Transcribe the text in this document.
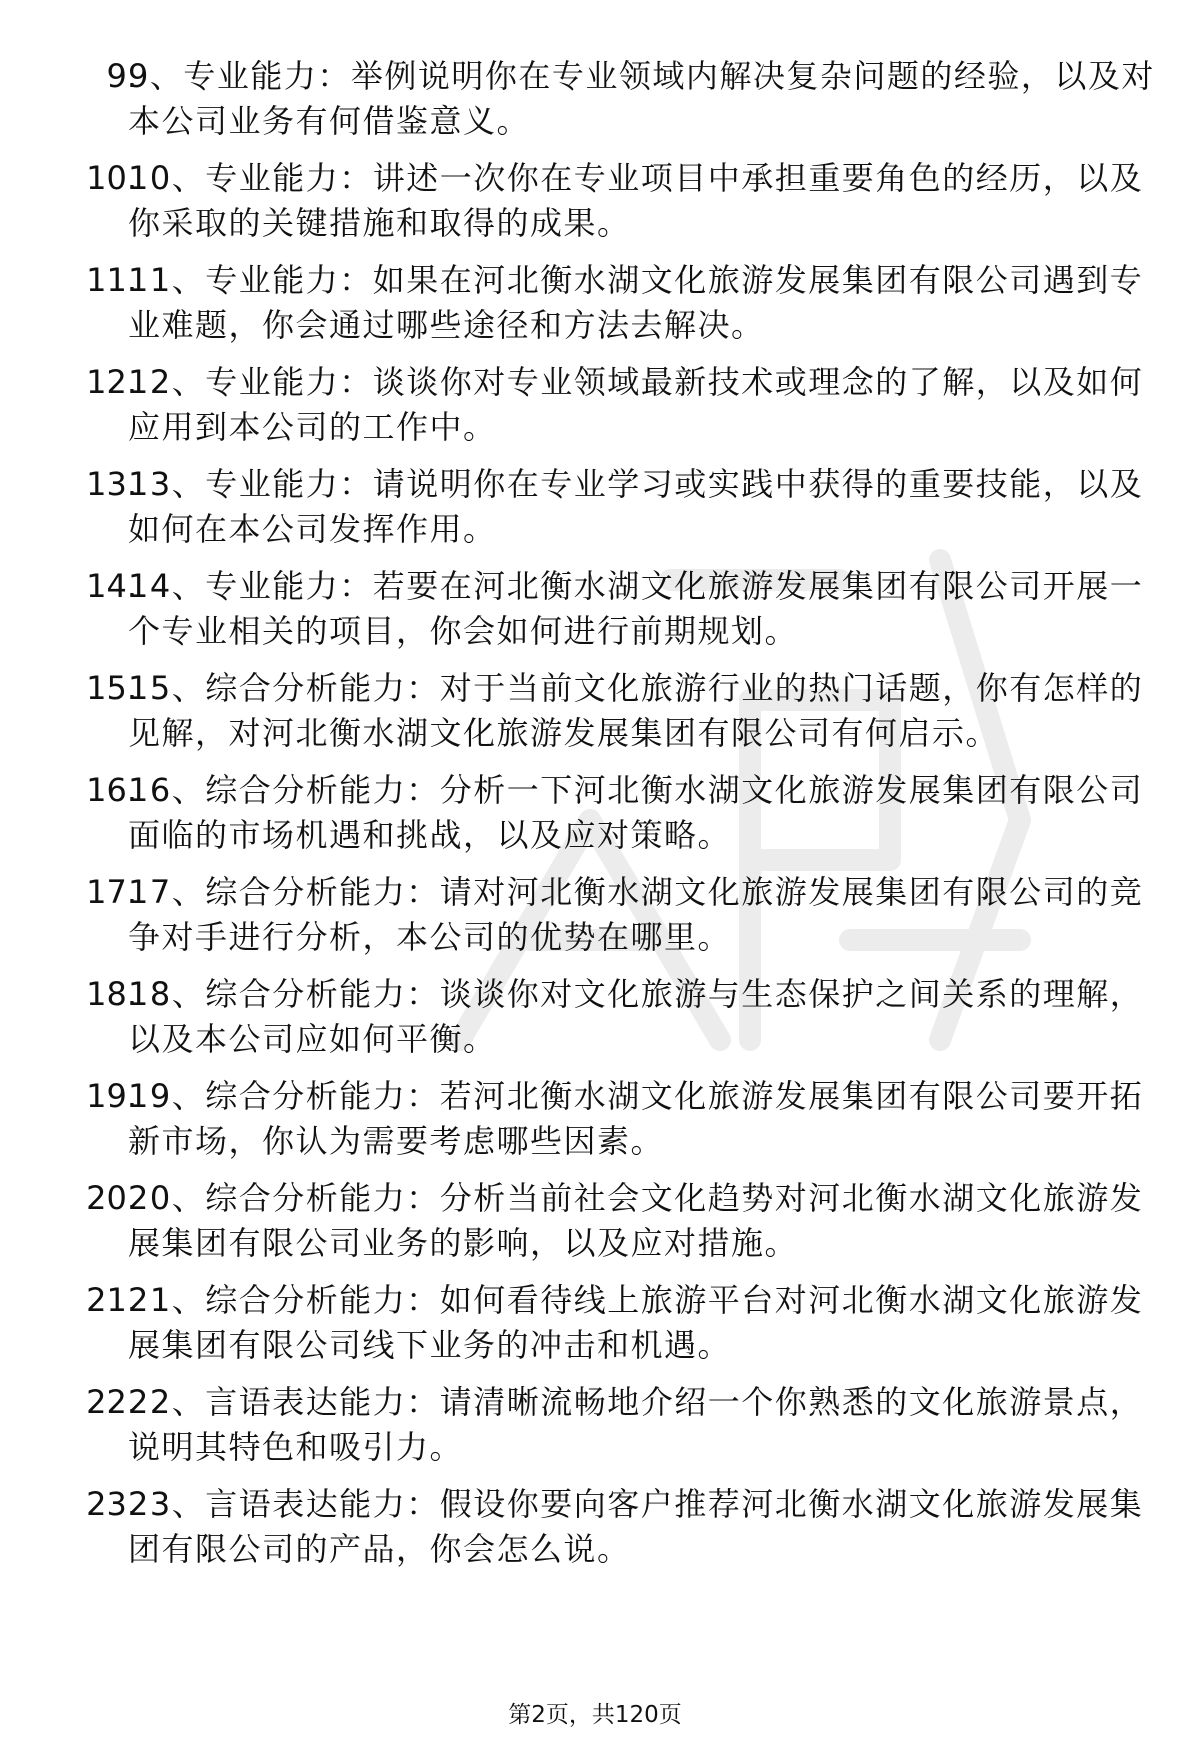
9.
9、专业能力：举例说明你在专业领域内解决复杂问题的经验，以及对本公司业务有何借鉴意义。
10.
10、专业能力：讲述一次你在专业项目中承担重要角色的经历，以及你采取的关键措施和取得的成果。
11.
11、专业能力：如果在河北衡水湖文化旅游发展集团有限公司遇到专业难题，你会通过哪些途径和方法去解决。
12.
12、专业能力：谈谈你对专业领域最新技术或理念的了解，以及如何应用到本公司的工作中。
13.
13、专业能力：请说明你在专业学习或实践中获得的重要技能，以及如何在本公司发挥作用。
14.
14、专业能力：若要在河北衡水湖文化旅游发展集团有限公司开展一个专业相关的项目，你会如何进行前期规划。
15.
15、综合分析能力：对于当前文化旅游行业的热门话题，你有怎样的见解，对河北衡水湖文化旅游发展集团有限公司有何启示。
16.
16、综合分析能力：分析一下河北衡水湖文化旅游发展集团有限公司面临的市场机遇和挑战，以及应对策略。
17.
17、综合分析能力：请对河北衡水湖文化旅游发展集团有限公司的竞争对手进行分析，本公司的优势在哪里。
18.
18、综合分析能力：谈谈你对文化旅游与生态保护之间关系的理解，以及本公司应如何平衡。
19.
19、综合分析能力：若河北衡水湖文化旅游发展集团有限公司要开拓新市场，你认为需要考虑哪些因素。
20.
20、综合分析能力：分析当前社会文化趋势对河北衡水湖文化旅游发展集团有限公司业务的影响，以及应对措施。
21.
21、综合分析能力：如何看待线上旅游平台对河北衡水湖文化旅游发展集团有限公司线下业务的冲击和机遇。
22.
22、言语表达能力：请清晰流畅地介绍一个你熟悉的文化旅游景点，说明其特色和吸引力。
23.
23、言语表达能力：假设你要向客户推荐河北衡水湖文化旅游发展集团有限公司的产品，你会怎么说。
第2页，共120页
